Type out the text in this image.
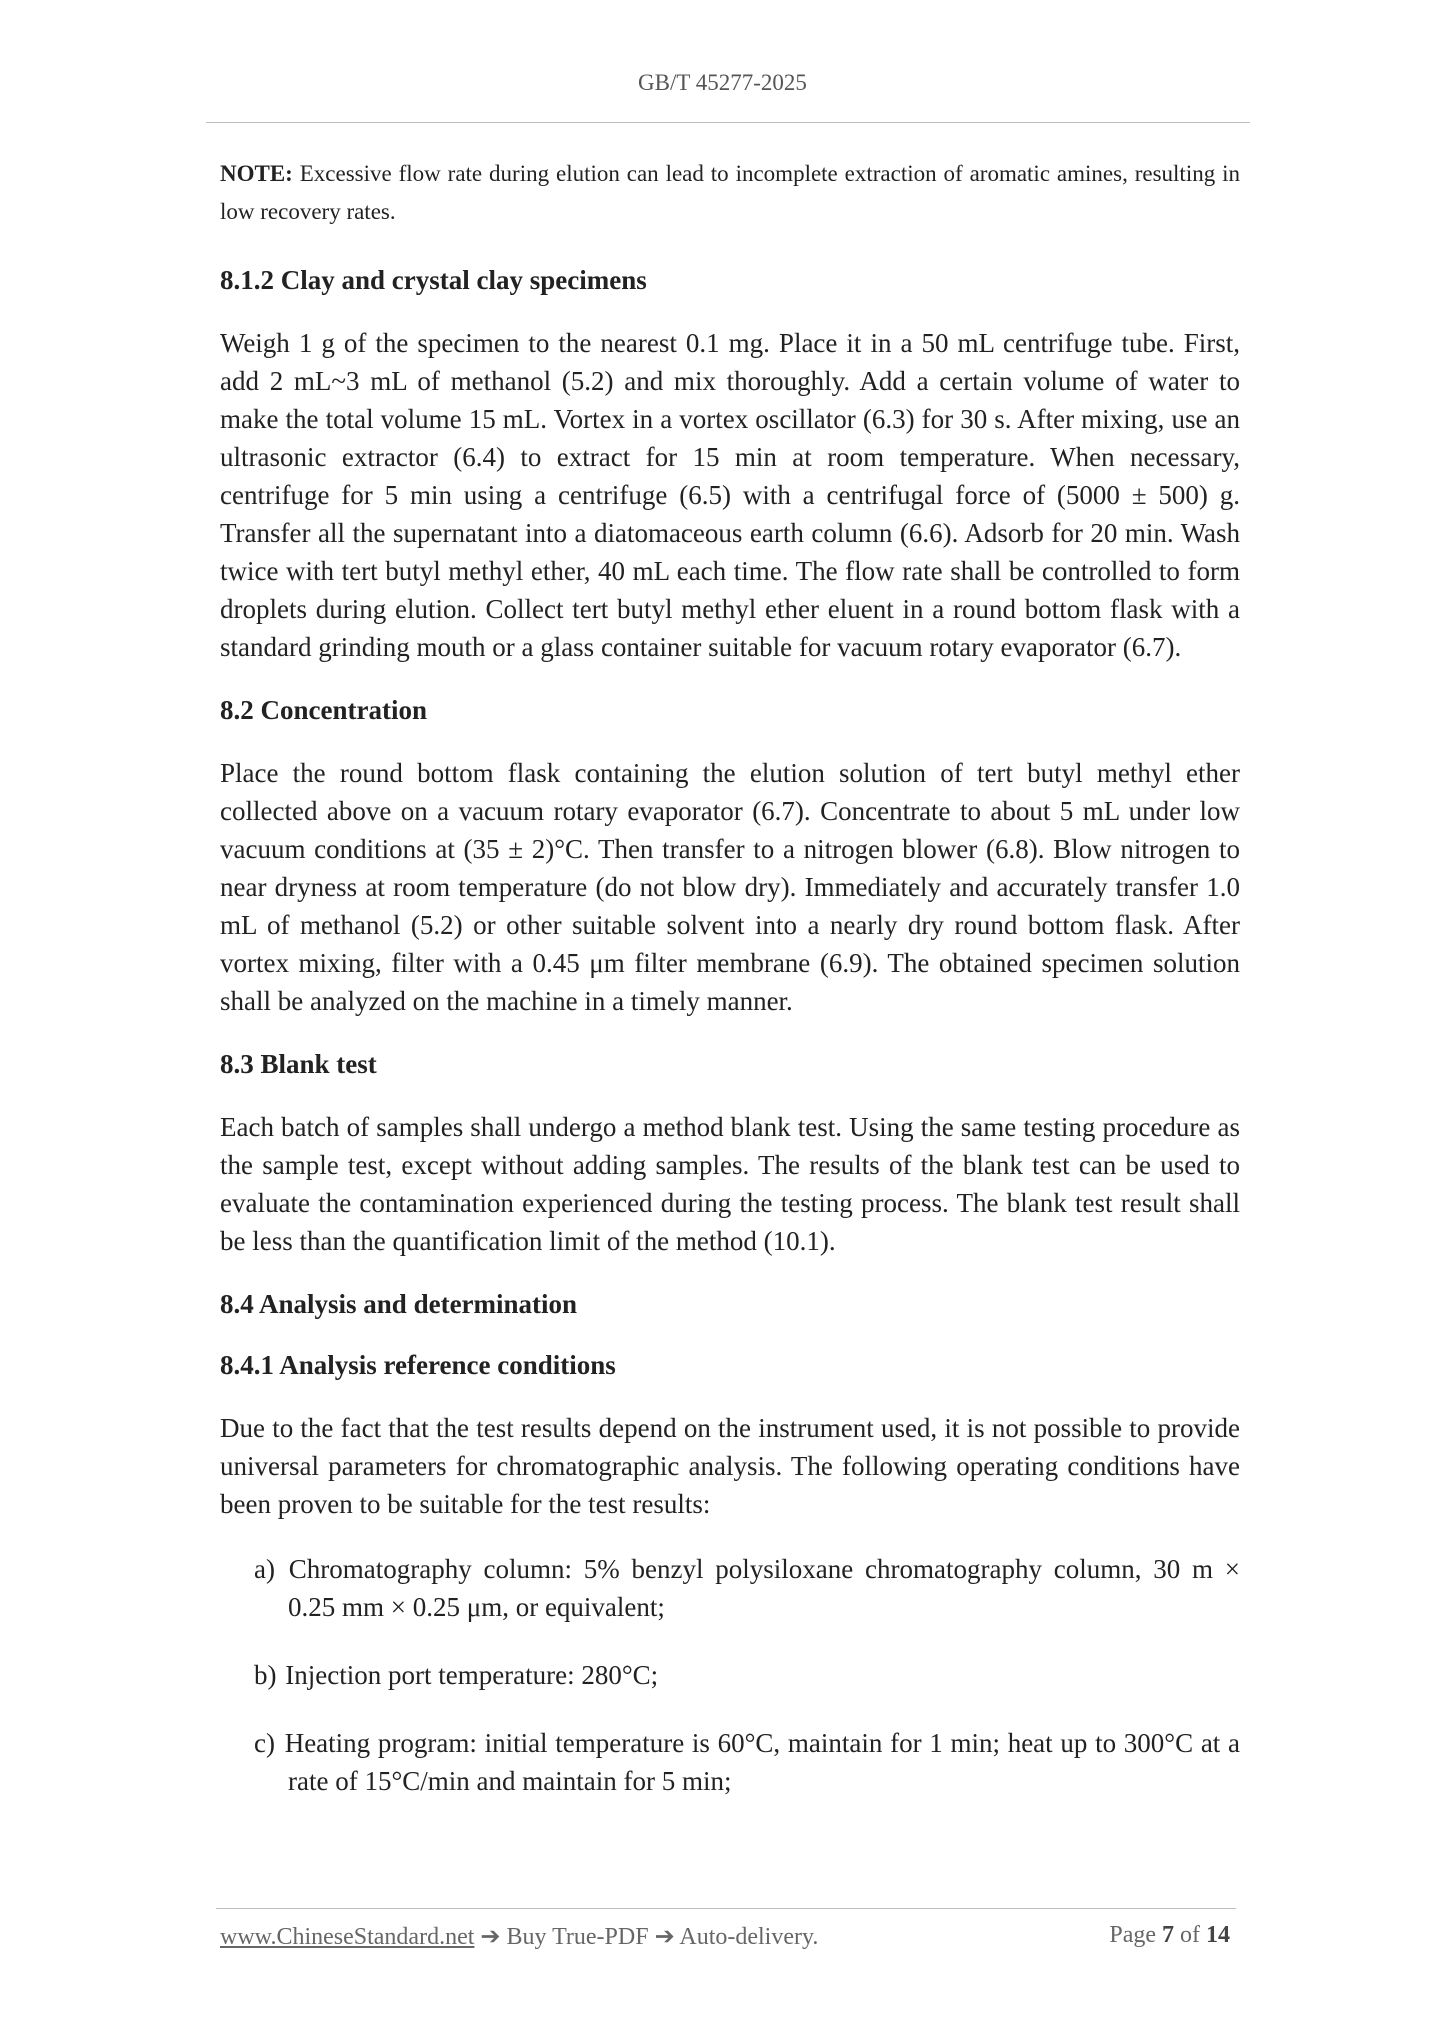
GB/T 45277-2025
NOTE: Excessive flow rate during elution can lead to incomplete extraction of aromatic amines, resulting in low recovery rates.
8.1.2 Clay and crystal clay specimens

Weigh 1 g of the specimen to the nearest 0.1 mg. Place it in a 50 mL centrifuge tube. First, add 2 mL~3 mL of methanol (5.2) and mix thoroughly. Add a certain volume of water to make the total volume 15 mL. Vortex in a vortex oscillator (6.3) for 30 s. After mixing, use an ultrasonic extractor (6.4) to extract for 15 min at room temperature. When necessary, centrifuge for 5 min using a centrifuge (6.5) with a centrifugal force of (5000 ± 500) g. Transfer all the supernatant into a diatomaceous earth column (6.6). Adsorb for 20 min. Wash twice with tert butyl methyl ether, 40 mL each time. The flow rate shall be controlled to form droplets during elution. Collect tert butyl methyl ether eluent in a round bottom flask with a standard grinding mouth or a glass container suitable for vacuum rotary evaporator (6.7).

8.2 Concentration

Place the round bottom flask containing the elution solution of tert butyl methyl ether collected above on a vacuum rotary evaporator (6.7). Concentrate to about 5 mL under low vacuum conditions at (35 ± 2)°C. Then transfer to a nitrogen blower (6.8). Blow nitrogen to near dryness at room temperature (do not blow dry). Immediately and accurately transfer 1.0 mL of methanol (5.2) or other suitable solvent into a nearly dry round bottom flask. After vortex mixing, filter with a 0.45 μm filter membrane (6.9). The obtained specimen solution shall be analyzed on the machine in a timely manner.

8.3 Blank test

Each batch of samples shall undergo a method blank test. Using the same testing procedure as the sample test, except without adding samples. The results of the blank test can be used to evaluate the contamination experienced during the testing process. The blank test result shall be less than the quantification limit of the method (10.1).

8.4 Analysis and determination
8.4.1 Analysis reference conditions

Due to the fact that the test results depend on the instrument used, it is not possible to provide universal parameters for chromatographic analysis. The following operating conditions have been proven to be suitable for the test results:

a) Chromatography column: 5% benzyl polysiloxane chromatography column, 30 m × 0.25 mm × 0.25 μm, or equivalent;
b) Injection port temperature: 280°C;
c) Heating program: initial temperature is 60°C, maintain for 1 min; heat up to 300°C at a rate of 15°C/min and maintain for 5 min;
www.ChineseStandard.net ➔ Buy True-PDF ➔ Auto-delivery.	Page 7 of 14
